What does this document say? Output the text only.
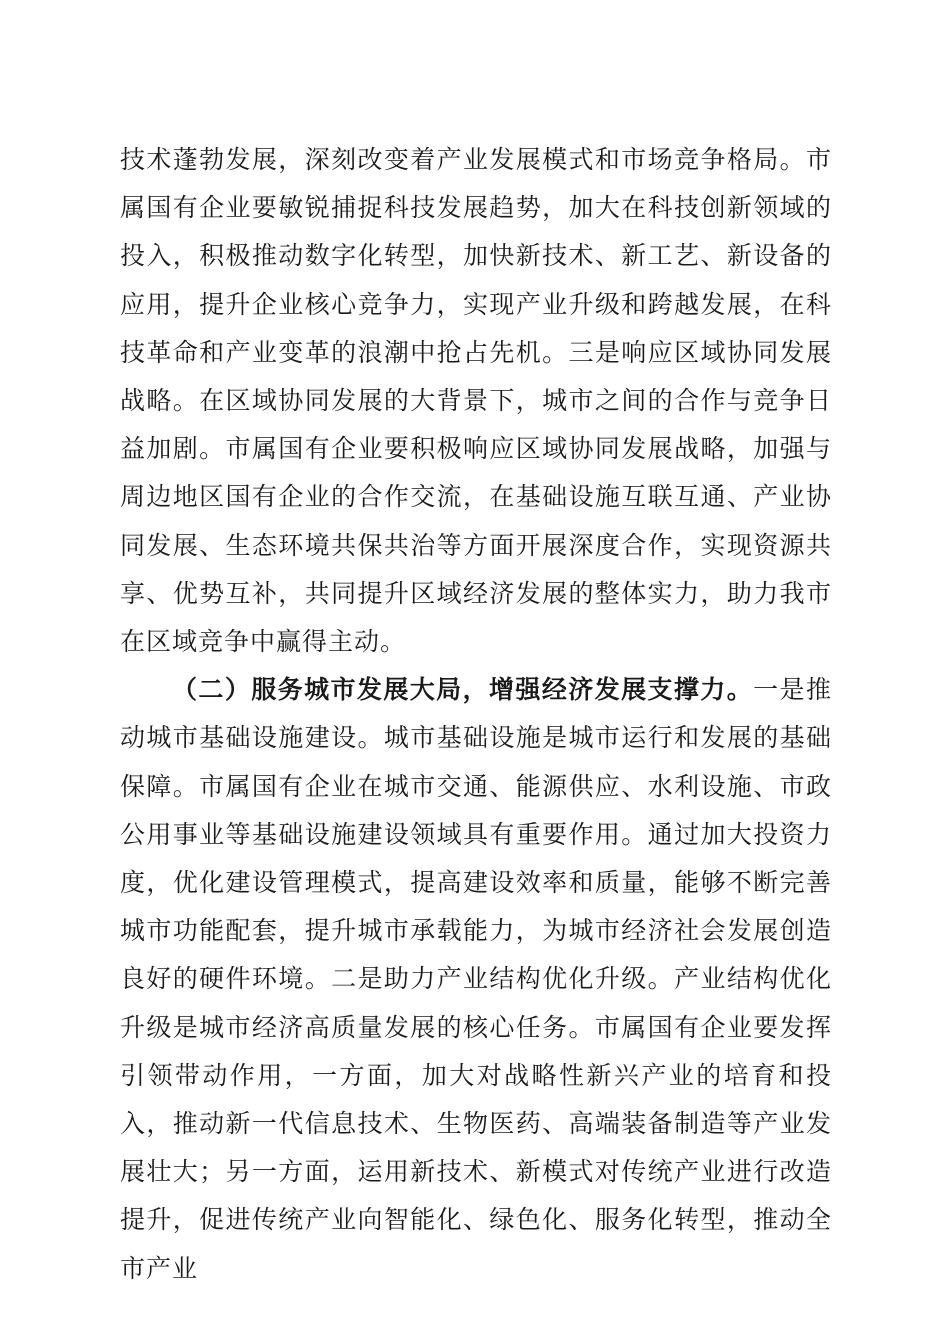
技术蓬勃发展，深刻改变着产业发展模式和市场竞争格局。市属国有企业要敏锐捕捉科技发展趋势，加大在科技创新领域的投入，积极推动数字化转型，加快新技术、新工艺、新设备的应用，提升企业核心竞争力，实现产业升级和跨越发展，在科技革命和产业变革的浪潮中抢占先机。三是响应区域协同发展战略。在区域协同发展的大背景下，城市之间的合作与竞争日益加剧。市属国有企业要积极响应区域协同发展战略，加强与周边地区国有企业的合作交流，在基础设施互联互通、产业协同发展、生态环境共保共治等方面开展深度合作，实现资源共享、优势互补，共同提升区域经济发展的整体实力，助力我市在区域竞争中赢得主动。

（二）服务城市发展大局，增强经济发展支撑力。一是推动城市基础设施建设。城市基础设施是城市运行和发展的基础保障。市属国有企业在城市交通、能源供应、水利设施、市政公用事业等基础设施建设领域具有重要作用。通过加大投资力度，优化建设管理模式，提高建设效率和质量，能够不断完善城市功能配套，提升城市承载能力，为城市经济社会发展创造良好的硬件环境。二是助力产业结构优化升级。产业结构优化升级是城市经济高质量发展的核心任务。市属国有企业要发挥引领带动作用，一方面，加大对战略性新兴产业的培育和投入，推动新一代信息技术、生物医药、高端装备制造等产业发展壮大；另一方面，运用新技术、新模式对传统产业进行改造提升，促进传统产业向智能化、绿色化、服务化转型，推动全市产业
